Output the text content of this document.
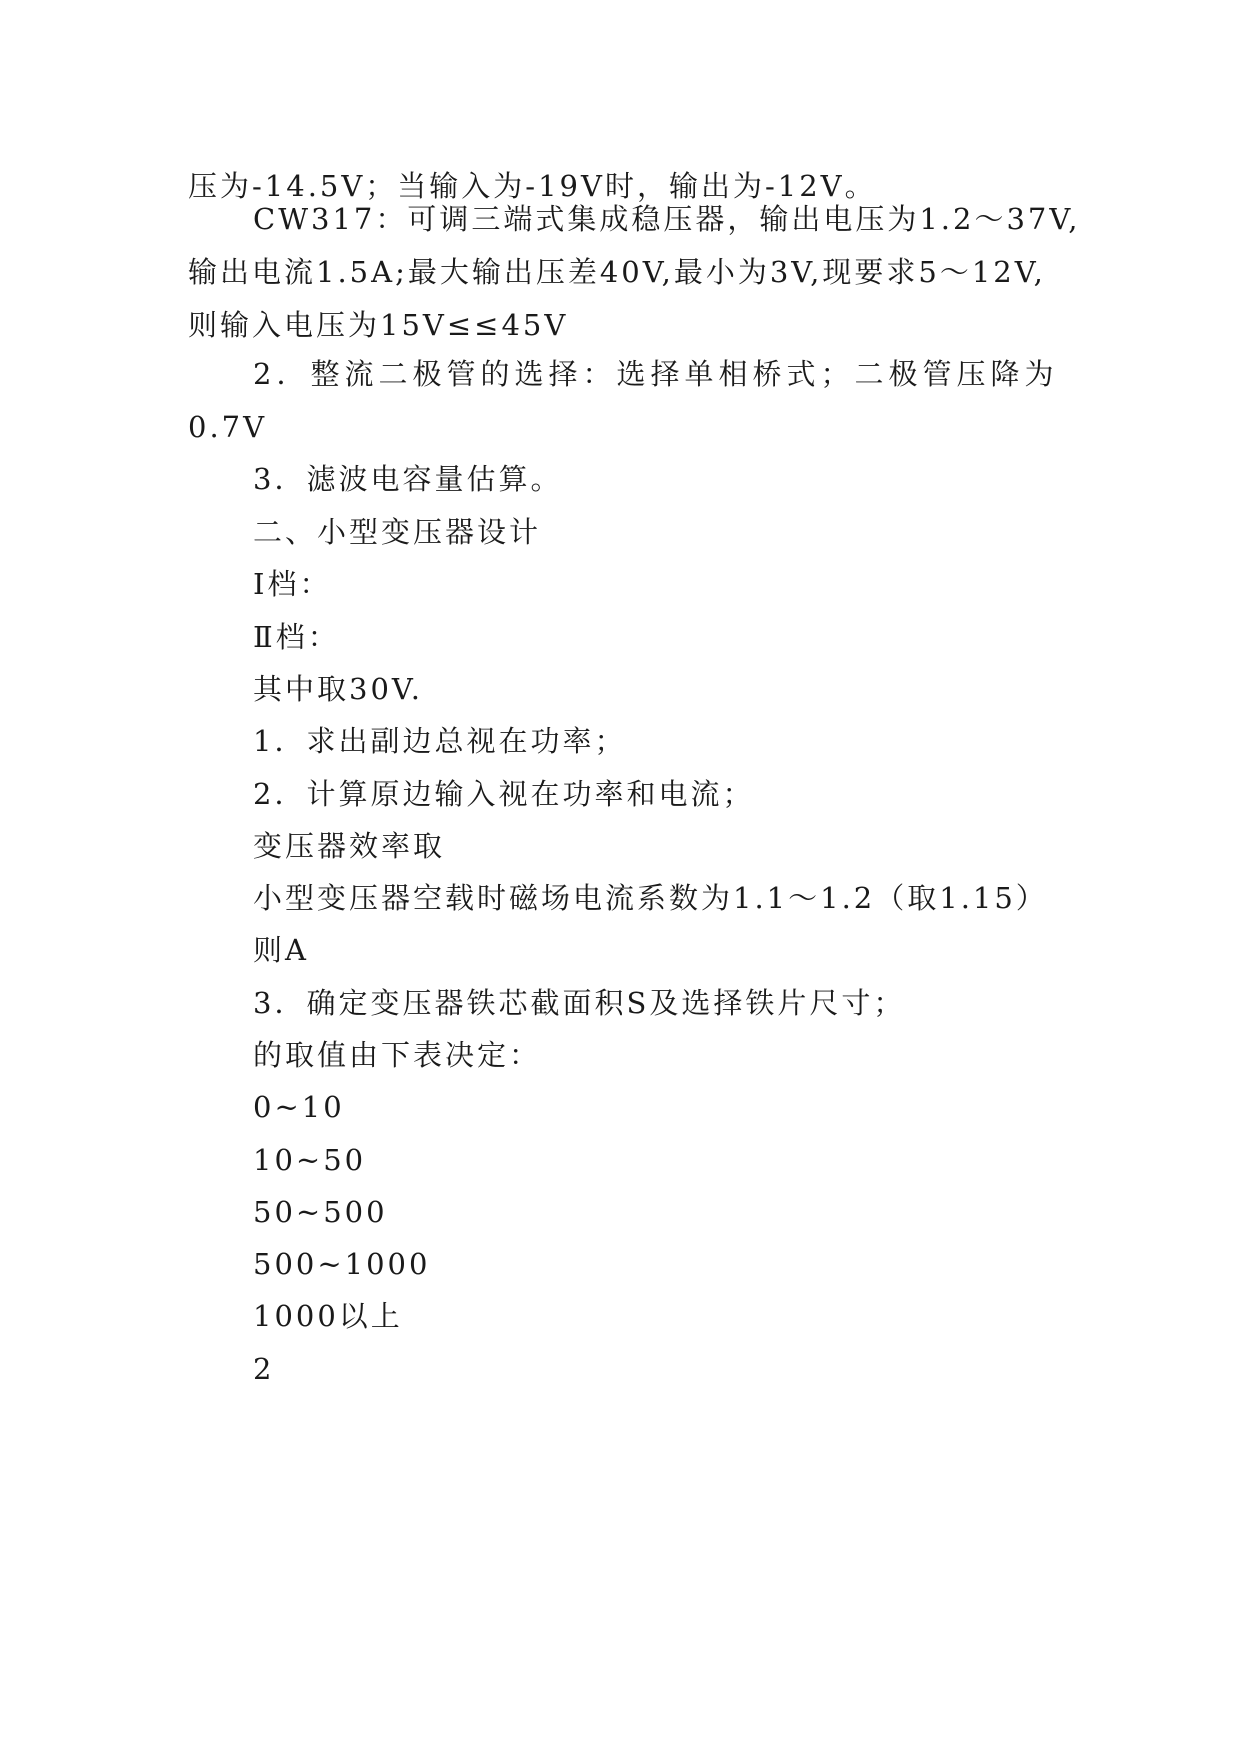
压为-14.5V；当输入为-19V时，输出为-12V。
CW317：可调三端式集成稳压器，输出电压为1.2～37V,
输出电流1.5A;最大输出压差40V,最小为3V,现要求5～12V,
则输入电压为15V≤≤45V
2．整流二极管的选择：选择单相桥式；二极管压降为
0.7V
3．滤波电容量估算。
二、小型变压器设计
Ⅰ档：
Ⅱ档：
其中取30V.
1．求出副边总视在功率；
2．计算原边输入视在功率和电流；
变压器效率取
小型变压器空载时磁场电流系数为1.1～1.2（取1.15）
则A
3．确定变压器铁芯截面积S及选择铁片尺寸；
的取值由下表决定：
0~10
10~50
50~500
500~1000
1000以上
2
